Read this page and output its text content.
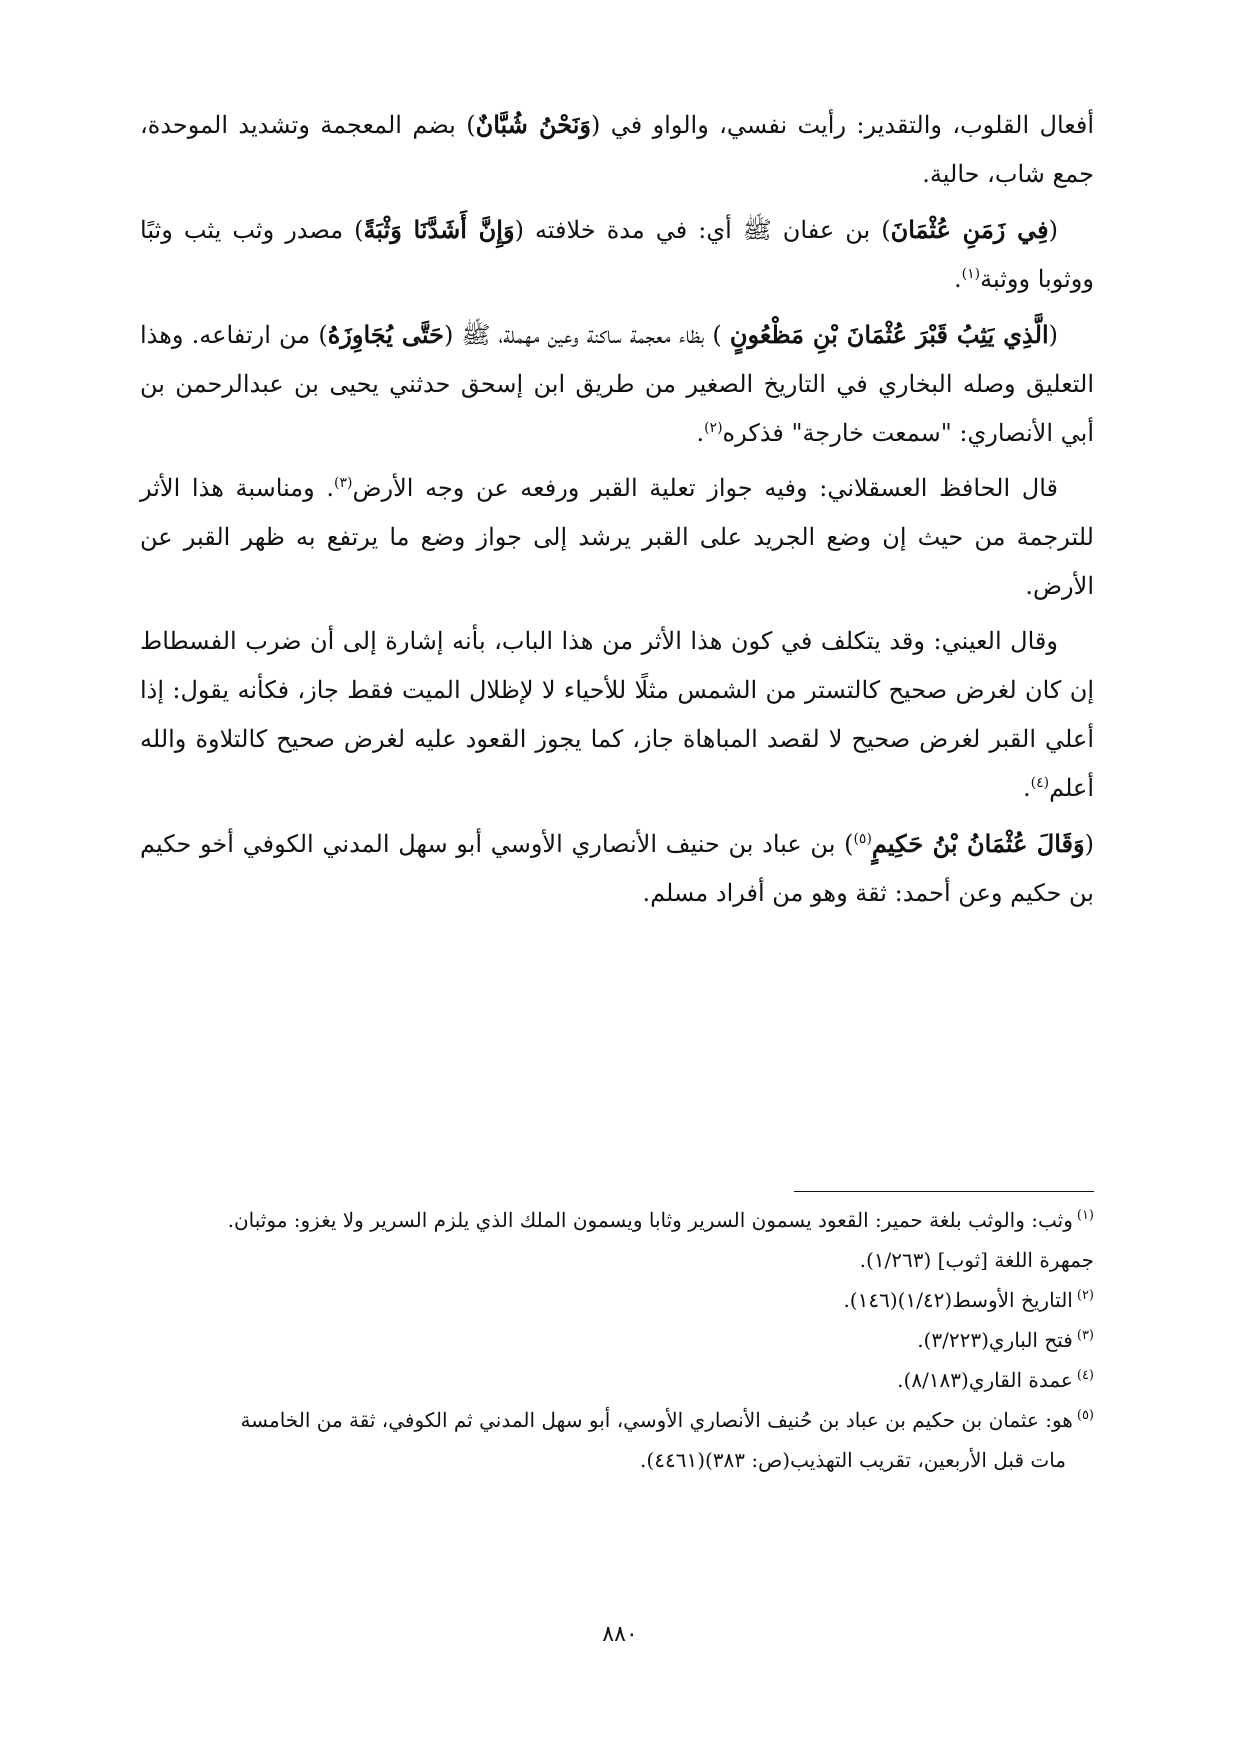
أفعال القلوب، والتقدير: رأيت نفسي، والواو في (وَنَحْنُ شُبَّانٌ) بضم المعجمة وتشديد الموحدة، جمع شاب، حالية.

(فِي زَمَنِ عُثْمَانَ) بن عفان ﷺ أي: في مدة خلافته (وَإِنَّ أَشَدَّنَا وَثْبَةً) مصدر وثب يثب وثبًا ووثوبا ووثبة$^{(١)}$.

(الَّذِي يَثِبُ قَبْرَ عُثْمَانَ بْنِ مَظْعُونٍ ) بظاء معجمة ساكنة وعين مهملة، ﷺ (حَتَّى يُجَاوِزَهُ) من ارتفاعه. وهذا التعليق وصله البخاري في التاريخ الصغير من طريق ابن إسحق حدثني يحيى بن عبدالرحمن بن أبي الأنصاري: "سمعت خارجة" فذكره$^{(٢)}$.

قال الحافظ العسقلاني: وفيه جواز تعلية القبر ورفعه عن وجه الأرض$^{(٣)}$. ومناسبة هذا الأثر للترجمة من حيث إن وضع الجريد على القبر يرشد إلى جواز وضع ما يرتفع به ظهر القبر عن الأرض.

وقال العيني: وقد يتكلف في كون هذا الأثر من هذا الباب، بأنه إشارة إلى أن ضرب الفسطاط إن كان لغرض صحيح كالتستر من الشمس مثلًا للأحياء لا لإظلال الميت فقط جاز، فكأنه يقول: إذا أعلي القبر لغرض صحيح لا لقصد المباهاة جاز، كما يجوز القعود عليه لغرض صحيح كالتلاوة والله أعلم$^{(٤)}$.

(وَقَالَ عُثْمَانُ بْنُ حَكِيمٍ$^{(٥)}$) بن عباد بن حنيف الأنصاري الأوسي أبو سهل المدني الكوفي أخو حكيم بن حكيم وعن أحمد: ثقة وهو من أفراد مسلم.

$^{(١)}$وثب: والوثب بلغة حمير: القعود يسمون السرير وثابا ويسمون الملك الذي يلزم السرير ولا يغزو: موثبان.

جمهرة اللغة [ثوب] (١/٢٦٣).

$^{(٢)}$التاريخ الأوسط(١/٤٢)(١٤٦).

$^{(٣)}$فتح الباري(٣/٢٢٣).

$^{(٤)}$عمدة القاري(٨/١٨٣).

$^{(٥)}$هو: عثمان بن حكيم بن عباد بن حُنيف الأنصاري الأوسي، أبو سهل المدني ثم الكوفي، ثقة من الخامسة

مات قبل الأربعين، تقريب التهذيب(ص: ٣٨٣)(٤٤٦١).

٨٨٠
